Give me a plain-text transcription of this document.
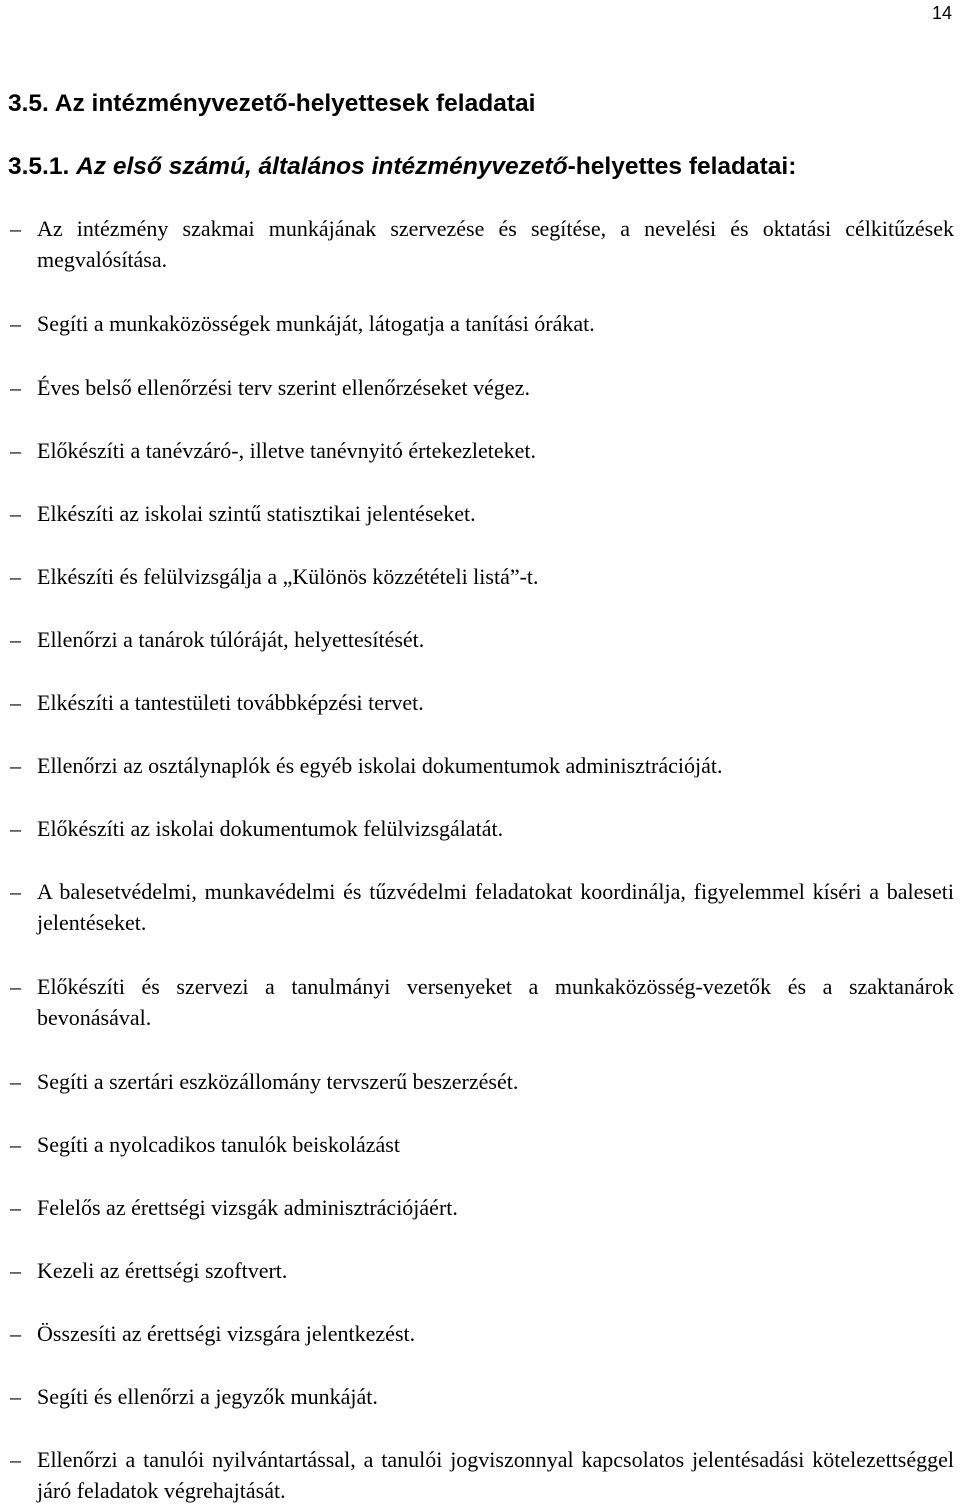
14
3.5. Az intézményvezető-helyettesek feladatai
3.5.1. Az első számú, általános intézményvezető-helyettes feladatai:
– Az intézmény szakmai munkájának szervezése és segítése, a nevelési és oktatási célkitűzések megvalósítása.
– Segíti a munkaközösségek munkáját, látogatja a tanítási órákat.
– Éves belső ellenőrzési terv szerint ellenőrzéseket végez.
– Előkészíti a tanévzáró-, illetve tanévnyitó értekezleteket.
– Elkészíti az iskolai szintű statisztikai jelentéseket.
– Elkészíti és felülvizsgálja a „Különös közzétételi listá”-t.
– Ellenőrzi a tanárok túlóráját, helyettesítését.
– Elkészíti a tantestületi továbbképzési tervet.
– Ellenőrzi az osztálynaplók és egyéb iskolai dokumentumok adminisztrációját.
– Előkészíti az iskolai dokumentumok felülvizsgálatát.
– A balesetvédelmi, munkavédelmi és tűzvédelmi feladatokat koordinálja, figyelemmel kíséri a baleseti jelentéseket.
– Előkészíti és szervezi a tanulmányi versenyeket a munkaközösség-vezetők és a szaktanárok bevonásával.
– Segíti a szertári eszközállomány tervszerű beszerzését.
– Segíti a nyolcadikos tanulók beiskolázást
– Felelős az érettségi vizsgák adminisztrációjáért.
– Kezeli az érettségi szoftvert.
– Összesíti az érettségi vizsgára jelentkezést.
– Segíti és ellenőrzi a jegyzők munkáját.
– Ellenőrzi a tanulói nyilvántartással, a tanulói jogviszonnyal kapcsolatos jelentésadási kötelezettséggel járó feladatok végrehajtását.
